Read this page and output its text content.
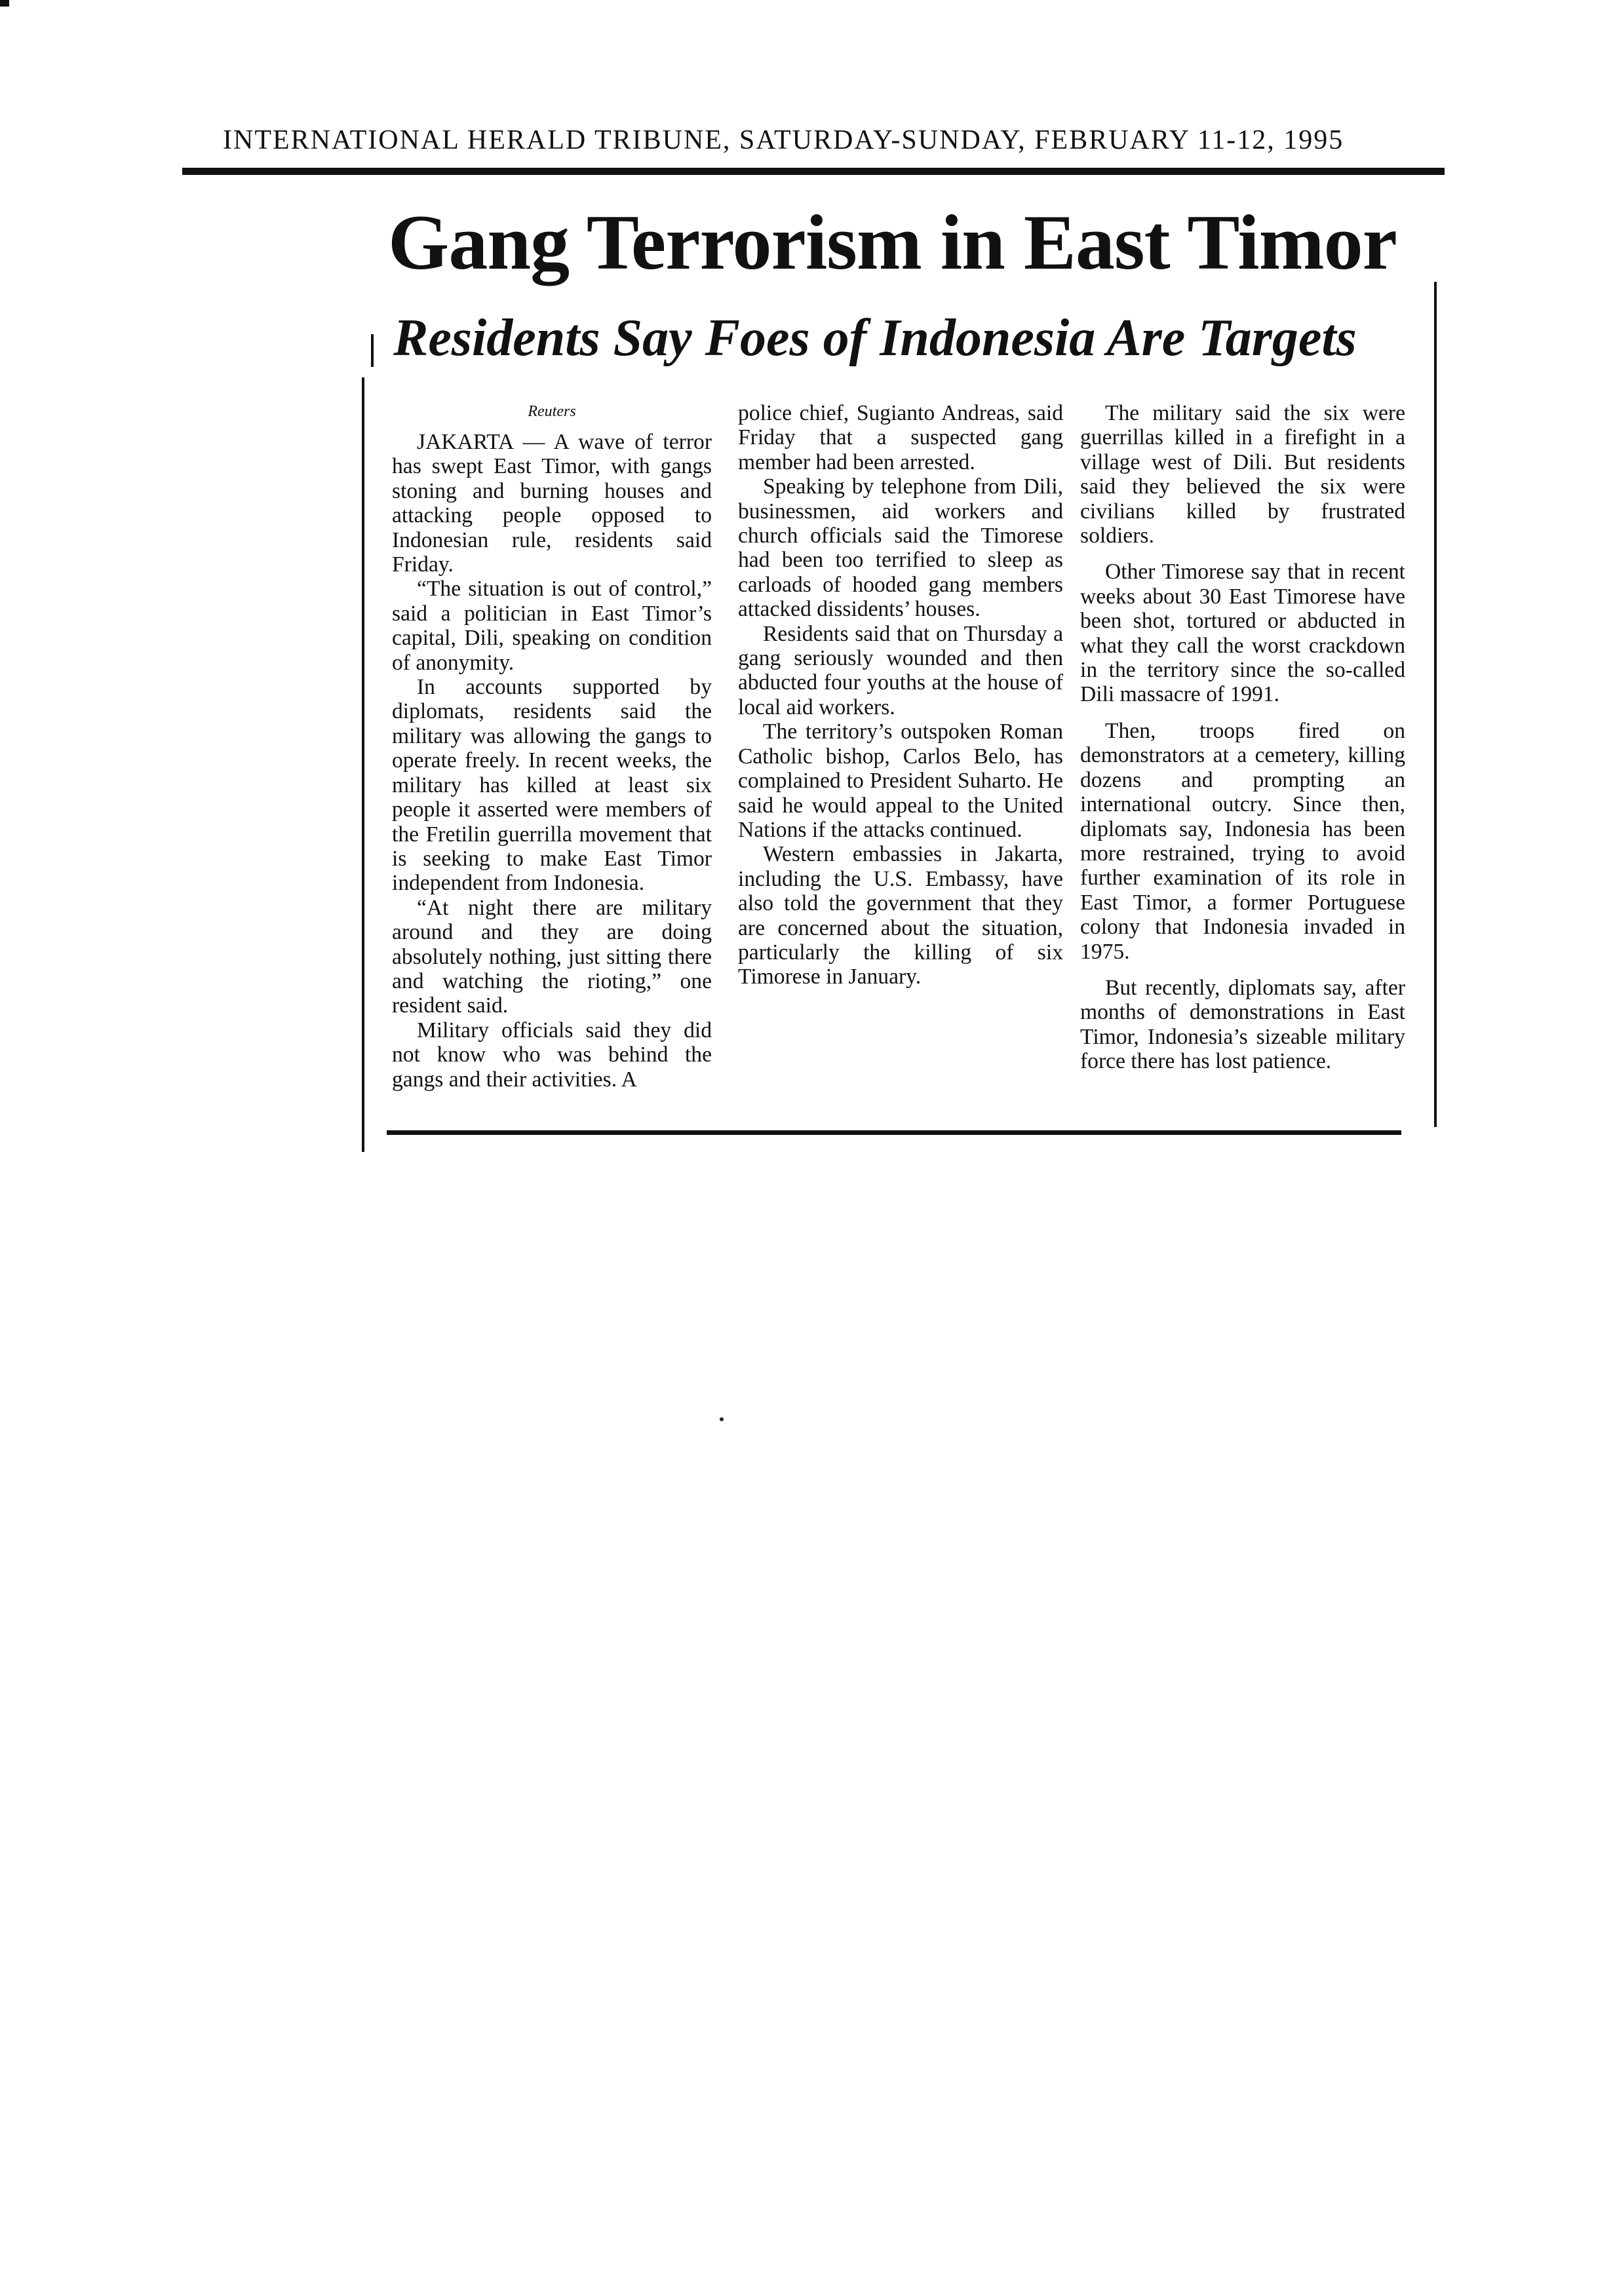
INTERNATIONAL HERALD TRIBUNE, SATURDAY-SUNDAY, FEBRUARY 11-12, 1995
Gang Terrorism in East Timor
Residents Say Foes of Indonesia Are Targets
Reuters

JAKARTA — A wave of terror has swept East Timor, with gangs stoning and burning houses and attacking people opposed to Indonesian rule, residents said Friday.

“The situation is out of control,” said a politician in East Timor’s capital, Dili, speaking on condition of anonymity.

In accounts supported by diplomats, residents said the military was allowing the gangs to operate freely. In recent weeks, the military has killed at least six people it asserted were members of the Fretilin guerrilla movement that is seeking to make East Timor independent from Indonesia.

“At night there are military around and they are doing absolutely nothing, just sitting there and watching the rioting,” one resident said.

Military officials said they did not know who was behind the gangs and their activities. A

police chief, Sugianto Andreas, said Friday that a suspected gang member had been arrested.

Speaking by telephone from Dili, businessmen, aid workers and church officials said the Timorese had been too terrified to sleep as carloads of hooded gang members attacked dissidents’ houses.

Residents said that on Thursday a gang seriously wounded and then abducted four youths at the house of local aid workers.

The territory’s outspoken Roman Catholic bishop, Carlos Belo, has complained to President Suharto. He said he would appeal to the United Nations if the attacks continued.

Western embassies in Jakarta, including the U.S. Embassy, have also told the government that they are concerned about the situation, particularly the killing of six Timorese in January.

The military said the six were guerrillas killed in a firefight in a village west of Dili. But residents said they believed the six were civilians killed by frustrated soldiers.

Other Timorese say that in recent weeks about 30 East Timorese have been shot, tortured or abducted in what they call the worst crackdown in the territory since the so-called Dili massacre of 1991.

Then, troops fired on demonstrators at a cemetery, killing dozens and prompting an international outcry. Since then, diplomats say, Indonesia has been more restrained, trying to avoid further examination of its role in East Timor, a former Portuguese colony that Indonesia invaded in 1975.

But recently, diplomats say, after months of demonstrations in East Timor, Indonesia’s sizeable military force there has lost patience.
